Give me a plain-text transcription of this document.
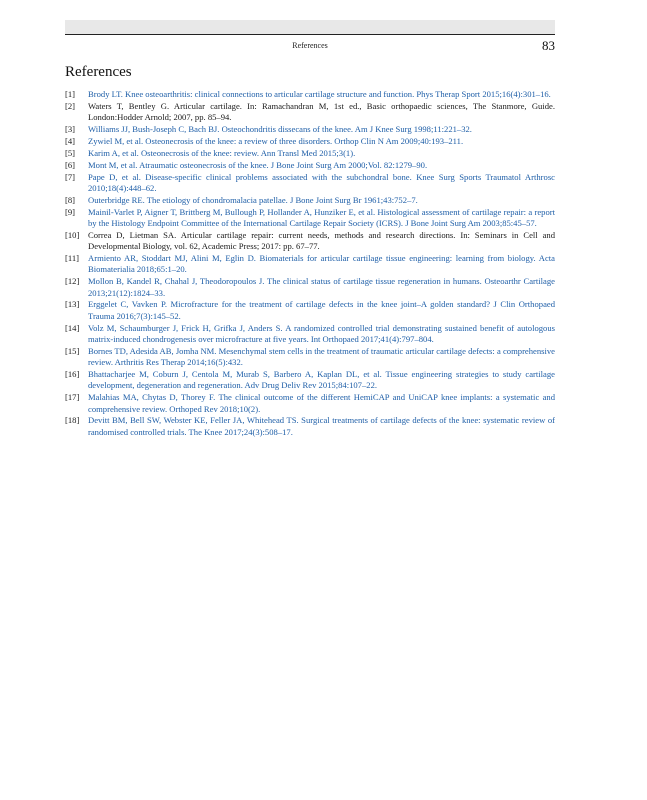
References	83
References
[1] Brody LT. Knee osteoarthritis: clinical connections to articular cartilage structure and function. Phys Therap Sport 2015;16(4):301–16.
[2] Waters T, Bentley G. Articular cartilage. In: Ramachandran M, 1st ed., Basic orthopaedic sciences, The Stanmore, Guide. London:Hodder Arnold; 2007, pp. 85–94.
[3] Williams JJ, Bush-Joseph C, Bach BJ. Osteochondritis dissecans of the knee. Am J Knee Surg 1998;11:221–32.
[4] Zywiel M, et al. Osteonecrosis of the knee: a review of three disorders. Orthop Clin N Am 2009;40:193–211.
[5] Karim A, et al. Osteonecrosis of the knee: review. Ann Transl Med 2015;3(1).
[6] Mont M, et al. Atraumatic osteonecrosis of the knee. J Bone Joint Surg Am 2000;Vol. 82:1279–90.
[7] Pape D, et al. Disease-specific clinical problems associated with the subchondral bone. Knee Surg Sports Traumatol Arthrosc 2010;18(4):448–62.
[8] Outerbridge RE. The etiology of chondromalacia patellae. J Bone Joint Surg Br 1961;43:752–7.
[9] Mainil-Varlet P, Aigner T, Brittberg M, Bullough P, Hollander A, Hunziker E, et al. Histological assessment of cartilage repair: a report by the Histology Endpoint Committee of the International Cartilage Repair Society (ICRS). J Bone Joint Surg Am 2003;85:45–57.
[10] Correa D, Lietman SA. Articular cartilage repair: current needs, methods and research directions. In: Seminars in Cell and Developmental Biology, vol. 62, Academic Press; 2017: pp. 67–77.
[11] Armiento AR, Stoddart MJ, Alini M, Eglin D. Biomaterials for articular cartilage tissue engineering: learning from biology. Acta Biomaterialia 2018;65:1–20.
[12] Mollon B, Kandel R, Chahal J, Theodoropoulos J. The clinical status of cartilage tissue regeneration in humans. Osteoarthr Cartilage 2013;21(12):1824–33.
[13] Erggelet C, Vavken P. Microfracture for the treatment of cartilage defects in the knee joint–A golden standard? J Clin Orthopaed Trauma 2016;7(3):145–52.
[14] Volz M, Schaumburger J, Frick H, Grifka J, Anders S. A randomized controlled trial demonstrating sustained benefit of autologous matrix-induced chondrogenesis over microfracture at five years. Int Orthopaed 2017;41(4):797–804.
[15] Bornes TD, Adesida AB, Jomha NM. Mesenchymal stem cells in the treatment of traumatic articular cartilage defects: a comprehensive review. Arthritis Res Therap 2014;16(5):432.
[16] Bhattacharjee M, Coburn J, Centola M, Murab S, Barbero A, Kaplan DL, et al. Tissue engineering strategies to study cartilage development, degeneration and regeneration. Adv Drug Deliv Rev 2015;84:107–22.
[17] Malahias MA, Chytas D, Thorey F. The clinical outcome of the different HemiCAP and UniCAP knee implants: a systematic and comprehensive review. Orthoped Rev 2018;10(2).
[18] Devitt BM, Bell SW, Webster KE, Feller JA, Whitehead TS. Surgical treatments of cartilage defects of the knee: systematic review of randomised controlled trials. The Knee 2017;24(3):508–17.
